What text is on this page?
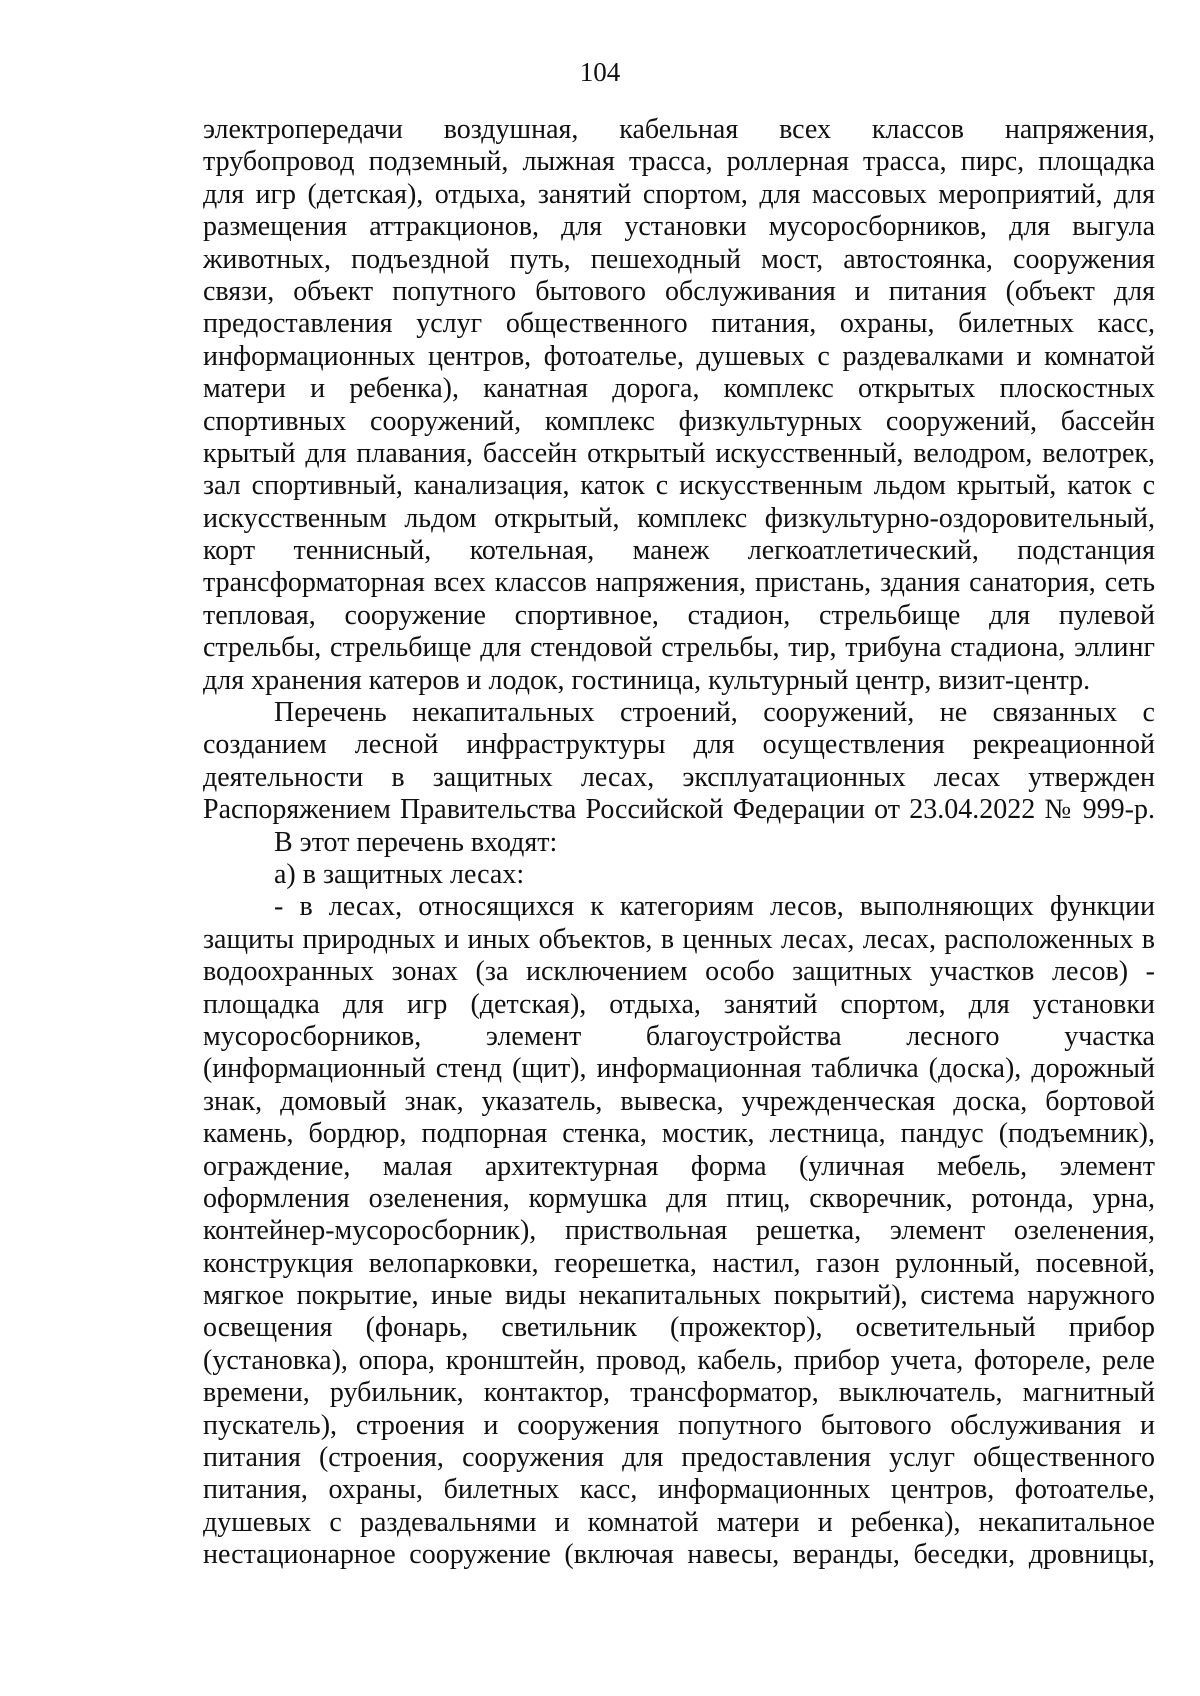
104
электропередачи воздушная, кабельная всех классов напряжения,
трубопровод подземный, лыжная трасса, роллерная трасса, пирс, площадка
для игр (детская), отдыха, занятий спортом, для массовых мероприятий, для
размещения аттракционов, для установки мусоросборников, для выгула
животных, подъездной путь, пешеходный мост, автостоянка, сооружения
связи, объект попутного бытового обслуживания и питания (объект для
предоставления услуг общественного питания, охраны, билетных касс,
информационных центров, фотоателье, душевых с раздевалками и комнатой
матери и ребенка), канатная дорога, комплекс открытых плоскостных
спортивных сооружений, комплекс физкультурных сооружений, бассейн
крытый для плавания, бассейн открытый искусственный, велодром, велотрек,
зал спортивный, канализация, каток с искусственным льдом крытый, каток с
искусственным льдом открытый, комплекс физкультурно-оздоровительный,
корт теннисный, котельная, манеж легкоатлетический, подстанция
трансформаторная всех классов напряжения, пристань, здания санатория, сеть
тепловая, сооружение спортивное, стадион, стрельбище для пулевой
стрельбы, стрельбище для стендовой стрельбы, тир, трибуна стадиона, эллинг
для хранения катеров и лодок, гостиница, культурный центр, визит-центр.
Перечень некапитальных строений, сооружений, не связанных с
созданием лесной инфраструктуры для осуществления рекреационной
деятельности в защитных лесах, эксплуатационных лесах утвержден
Распоряжением Правительства Российской Федерации от 23.04.2022 № 999-р.
В этот перечень входят:
а) в защитных лесах:
- в лесах, относящихся к категориям лесов, выполняющих функции
защиты природных и иных объектов, в ценных лесах, лесах, расположенных в
водоохранных зонах (за исключением особо защитных участков лесов) -
площадка для игр (детская), отдыха, занятий спортом, для установки
мусоросборников, элемент благоустройства лесного участка
(информационный стенд (щит), информационная табличка (доска), дорожный
знак, домовый знак, указатель, вывеска, учрежденческая доска, бортовой
камень, бордюр, подпорная стенка, мостик, лестница, пандус (подъемник),
ограждение, малая архитектурная форма (уличная мебель, элемент
оформления озеленения, кормушка для птиц, скворечник, ротонда, урна,
контейнер-мусоросборник), приствольная решетка, элемент озеленения,
конструкция велопарковки, георешетка, настил, газон рулонный, посевной,
мягкое покрытие, иные виды некапитальных покрытий), система наружного
освещения (фонарь, светильник (прожектор), осветительный прибор
(установка), опора, кронштейн, провод, кабель, прибор учета, фотореле, реле
времени, рубильник, контактор, трансформатор, выключатель, магнитный
пускатель), строения и сооружения попутного бытового обслуживания и
питания (строения, сооружения для предоставления услуг общественного
питания, охраны, билетных касс, информационных центров, фотоателье,
душевых с раздевальнями и комнатой матери и ребенка), некапитальное
нестационарное сооружение (включая навесы, веранды, беседки, дровницы,
